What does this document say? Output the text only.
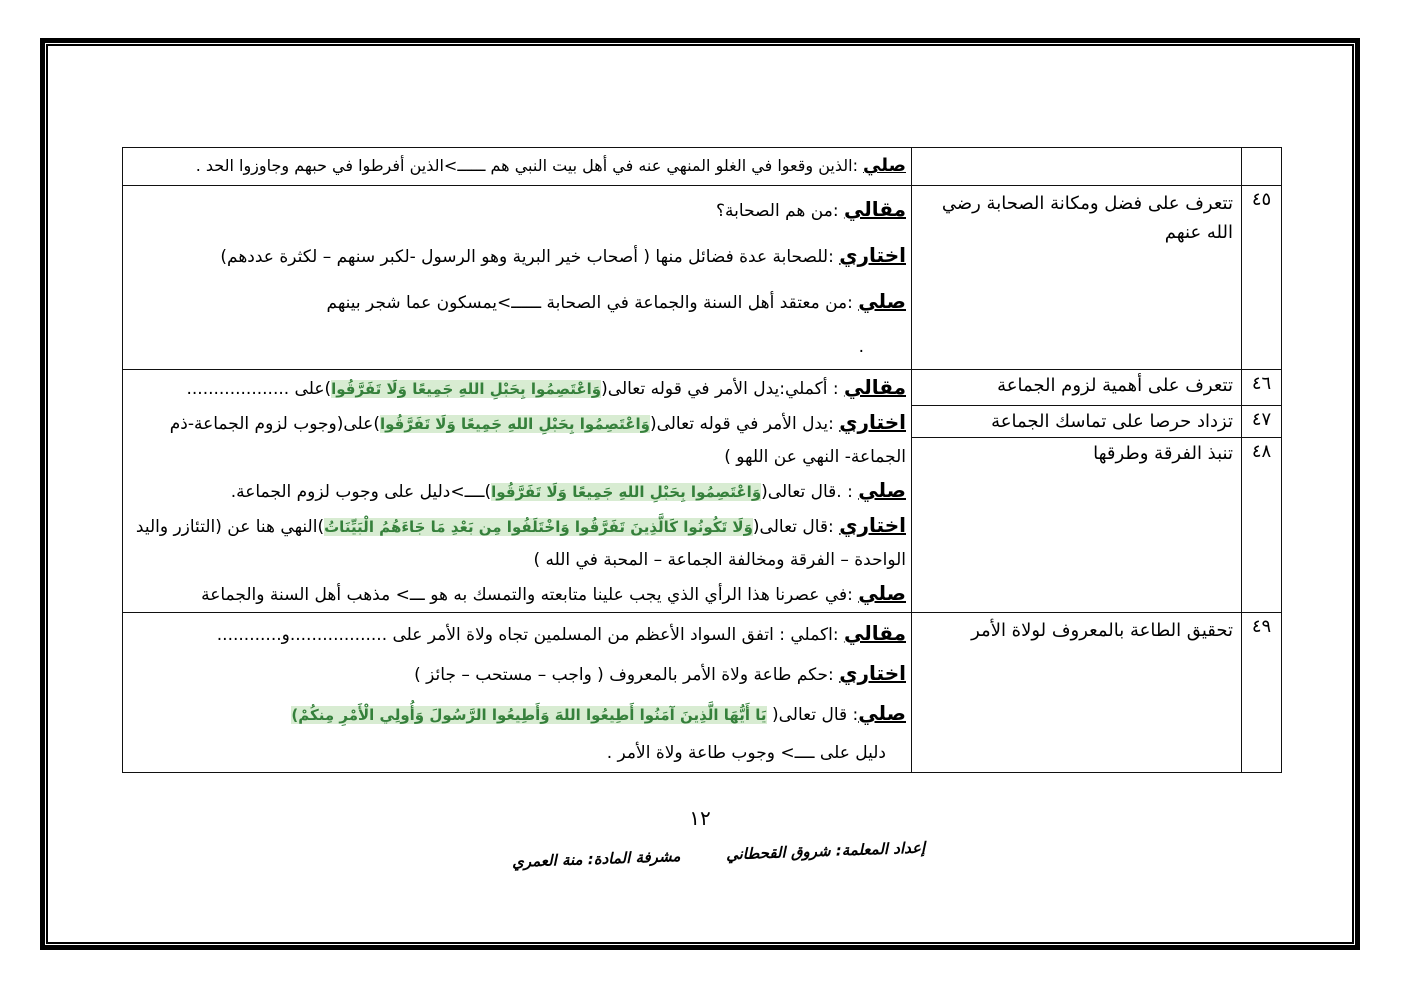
		صلي :الذين وقعوا في الغلو المنهي عنه في أهل بيت النبي هم ــــــ>الذين أفرطوا في حبهم وجاوزوا الحد .

٤٥	تتعرف على فضل ومكانة الصحابة رضي الله عنهم	مقالي :من هم الصحابة؟
اختاري :للصحابة عدة فضائل منها ( أصحاب خير البرية وهو الرسول -لكبر سنهم – لكثرة عددهم)
صلي :من معتقد أهل السنة والجماعة في الصحابة ــــــ>يمسكون عما شجر بينهم
.

٤٦	تتعرف على أهمية لزوم الجماعة	مقالي : أكملي:يدل الأمر في قوله تعالى(وَاعْتَصِمُوا بِحَبْلِ اللهِ جَمِيعًا وَلَا تَفَرَّقُوا)على ...................
اختاري :يدل الأمر في قوله تعالى(وَاعْتَصِمُوا بِحَبْلِ اللهِ جَمِيعًا وَلَا تَفَرَّقُوا)على(وجوب لزوم الجماعة-ذم الجماعة- النهي عن اللهو )
صلي : .قال تعالى(وَاعْتَصِمُوا بِحَبْلِ اللهِ جَمِيعًا وَلَا تَفَرَّقُوا)ــــ>دليل على وجوب لزوم الجماعة.
اختاري :قال تعالى(وَلَا تَكُونُوا كَالَّذِينَ تَفَرَّقُوا وَاخْتَلَفُوا مِن بَعْدِ مَا جَاءَهُمُ الْبَيِّنَاتُ)النهي هنا عن (التئازر واليد الواحدة – الفرقة ومخالفة الجماعة – المحبة في الله )
صلي :في عصرنا هذا الرأي الذي يجب علينا متابعته والتمسك به هو ـــ> مذهب أهل السنة والجماعة

٤٧	تزداد حرصا على تماسك الجماعة	
٤٨	تنبذ الفرقة وطرقها	
٤٩	تحقيق الطاعة بالمعروف لولاة الأمر	مقالي :اكملي : اتفق السواد الأعظم من المسلمين تجاه ولاة الأمر على ..................و............
اختاري :حكم طاعة ولاة الأمر بالمعروف ( واجب – مستحب – جائز )
صلي: قال تعالى( يَا أَيُّهَا الَّذِينَ آمَنُوا أَطِيعُوا اللهَ وَأَطِيعُوا الرَّسُولَ وَأُولِي الْأَمْرِ مِنكُمْ)
دليل على ــــ> وجوب طاعة ولاة الأمر .
١٢
إعداد المعلمة: شروق القحطاني
مشرفة المادة: منة العمري
